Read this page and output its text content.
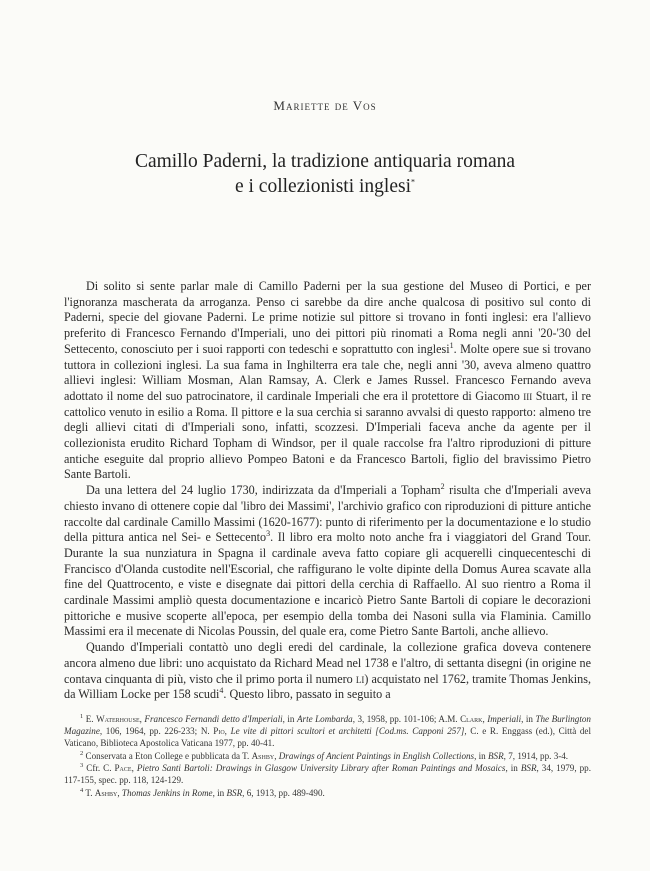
Mariette de Vos
Camillo Paderni, la tradizione antiquaria romana
e i collezionisti inglesi*

Di solito si sente parlar male di Camillo Paderni per la sua gestione del Museo di Portici, e per l'ignoranza mascherata da arroganza. Penso ci sarebbe da dire anche qualcosa di positivo sul conto di Paderni, specie del giovane Paderni. Le prime notizie sul pittore si trovano in fonti inglesi: era l'allievo preferito di Francesco Fernando d'Imperiali, uno dei pittori più rinomati a Roma negli anni '20-'30 del Settecento, conosciuto per i suoi rapporti con tedeschi e soprattutto con inglesi$^1$. Molte opere sue si trovano tuttora in collezioni inglesi. La sua fama in Inghilterra era tale che, negli anni '30, aveva almeno quattro allievi inglesi: William Mosman, Alan Ramsay, A. Clerk e James Russel. Francesco Fernando aveva adottato il nome del suo patrocinatore, il cardinale Imperiali che era il protettore di Giacomo iii Stuart, il re cattolico venuto in esilio a Roma. Il pittore e la sua cerchia si saranno avvalsi di questo rapporto: almeno tre degli allievi citati di d'Imperiali sono, infatti, scozzesi. D'Imperiali faceva anche da agente per il collezionista erudito Richard Topham di Windsor, per il quale raccolse fra l'altro riproduzioni di pitture antiche eseguite dal proprio allievo Pompeo Batoni e da Francesco Bartoli, figlio del bravissimo Pietro Sante Bartoli.

Da una lettera del 24 luglio 1730, indirizzata da d'Imperiali a Topham$^2$ risulta che d'Imperiali aveva chiesto invano di ottenere copie dal 'libro dei Massimi', l'archivio grafico con riproduzioni di pitture antiche raccolte dal cardinale Camillo Massimi (1620-1677): punto di riferimento per la documentazione e lo studio della pittura antica nel Sei- e Settecento$^3$. Il libro era molto noto anche fra i viaggiatori del Grand Tour. Durante la sua nunziatura in Spagna il cardinale aveva fatto copiare gli acquerelli cinquecenteschi di Francisco d'Olanda custodite nell'Escorial, che raffigurano le volte dipinte della Domus Aurea scavate alla fine del Quattrocento, e viste e disegnate dai pittori della cerchia di Raffaello. Al suo rientro a Roma il cardinale Massimi ampliò questa documentazione e incaricò Pietro Sante Bartoli di copiare le decorazioni pittoriche e musive scoperte all'epoca, per esempio della tomba dei Nasoni sulla via Flaminia. Camillo Massimi era il mecenate di Nicolas Poussin, del quale era, come Pietro Sante Bartoli, anche allievo.

Quando d'Imperiali contattò uno degli eredi del cardinale, la collezione grafica doveva contenere ancora almeno due libri: uno acquistato da Richard Mead nel 1738 e l'altro, di settanta disegni (in origine ne contava cinquanta di più, visto che il primo porta il numero li) acquistato nel 1762, tramite Thomas Jenkins, da William Locke per 158 scudi$^4$. Questo libro, passato in seguito a

$^1$ E. Waterhouse, Francesco Fernandi detto d'Imperiali, in Arte Lombarda, 3, 1958, pp. 101-106; A.M. Clark, Imperiali, in The Burlington Magazine, 106, 1964, pp. 226-233; N. Pio, Le vite di pittori scultori et architetti [Cod.ms. Capponi 257], C. e R. Enggass (ed.), Città del Vaticano, Biblioteca Apostolica Vaticana 1977, pp. 40-41.

$^2$ Conservata a Eton College e pubblicata da T. Ashby, Drawings of Ancient Paintings in English Collections, in BSR, 7, 1914, pp. 3-4.

$^3$ Cfr. C. Pace, Pietro Santi Bartoli: Drawings in Glasgow University Library after Roman Paintings and Mosaics, in BSR, 34, 1979, pp. 117-155, spec. pp. 118, 124-129.

$^4$ T. Ashby, Thomas Jenkins in Rome, in BSR, 6, 1913, pp. 489-490.
